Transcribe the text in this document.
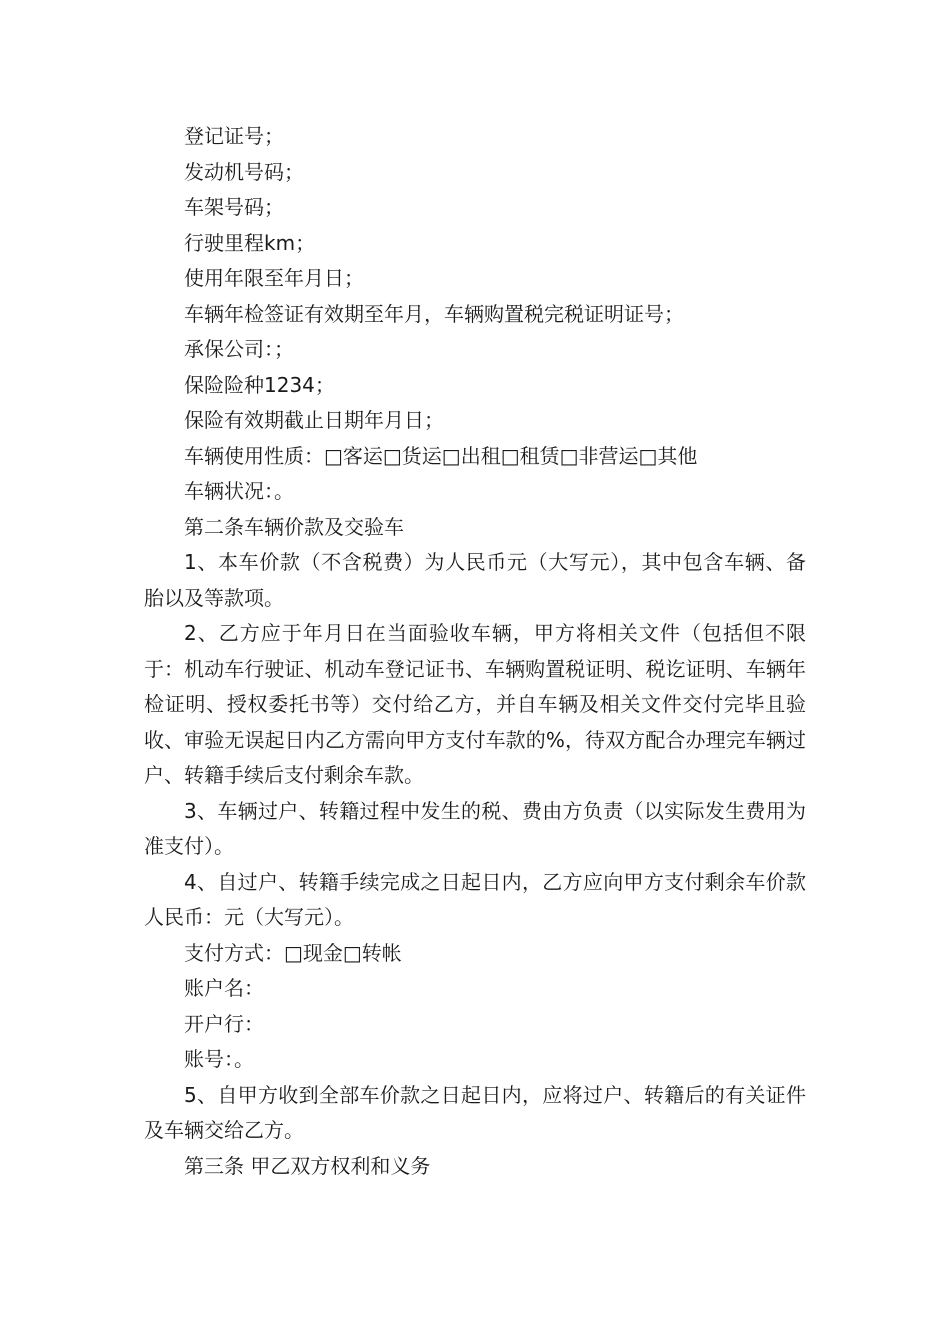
登记证号；

发动机号码；

车架号码；

行驶里程km；

使用年限至年月日；

车辆年检签证有效期至年月，车辆购置税完税证明证号；

承保公司：；

保险险种1234；

保险有效期截止日期年月日；

车辆使用性质：□客运□货运□出租□租赁□非营运□其他

车辆状况：。

第二条车辆价款及交验车

1、本车价款（不含税费）为人民币元（大写元），其中包含车辆、备胎以及等款项。

2、乙方应于年月日在当面验收车辆，甲方将相关文件（包括但不限于：机动车行驶证、机动车登记证书、车辆购置税证明、税讫证明、车辆年检证明、授权委托书等）交付给乙方，并自车辆及相关文件交付完毕且验收、审验无误起日内乙方需向甲方支付车款的%，待双方配合办理完车辆过户、转籍手续后支付剩余车款。

3、车辆过户、转籍过程中发生的税、费由方负责（以实际发生费用为准支付）。

4、自过户、转籍手续完成之日起日内，乙方应向甲方支付剩余车价款人民币：元（大写元）。

支付方式：□现金□转帐

账户名：

开户行：

账号：。

5、自甲方收到全部车价款之日起日内，应将过户、转籍后的有关证件及车辆交给乙方。

第三条 甲乙双方权利和义务
